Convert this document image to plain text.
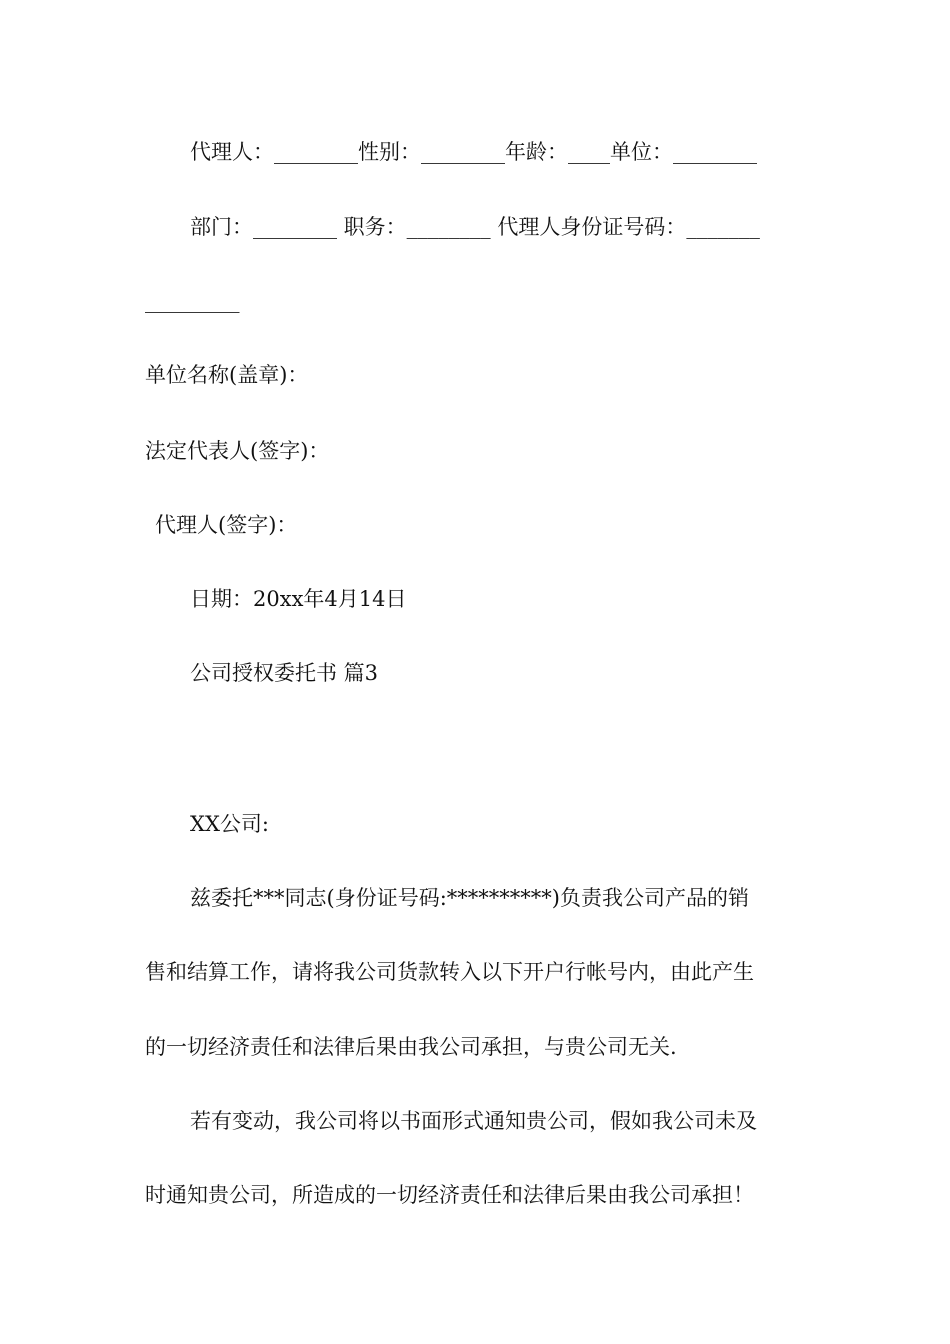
代理人：________性别：________年龄：____单位：________
部门：________ 职务：________ 代理人身份证号码：_______
_________
单位名称(盖章)：
法定代表人(签字)：
代理人(签字)：
日期：20xx年4月14日
公司授权委托书 篇3
XX公司:
兹委托***同志(身份证号码:**********)负责我公司产品的销
售和结算工作，请将我公司货款转入以下开户行帐号内，由此产生
的一切经济责任和法律后果由我公司承担，与贵公司无关.
若有变动，我公司将以书面形式通知贵公司，假如我公司未及
时通知贵公司，所造成的一切经济责任和法律后果由我公司承担！
